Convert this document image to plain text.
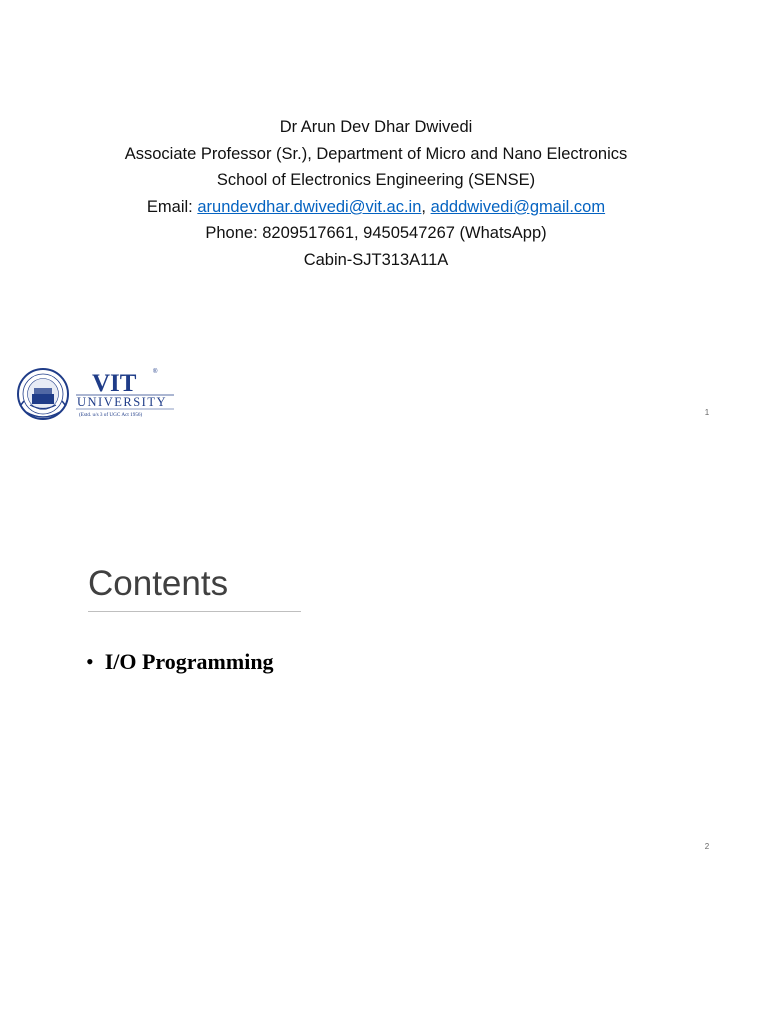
Dr Arun Dev Dhar Dwivedi
Associate Professor (Sr.), Department of Micro and Nano Electronics
School of Electronics Engineering (SENSE)
Email: arundevdhar.dwivedi@vit.ac.in, adddwivedi@gmail.com
Phone: 8209517661, 9450547267 (WhatsApp)
Cabin-SJT313A11A
VIT	®
UNIVERSITY
(Estd. u/s 3 of UGC Act 1956)	1
Contents
• I/O Programming
2
